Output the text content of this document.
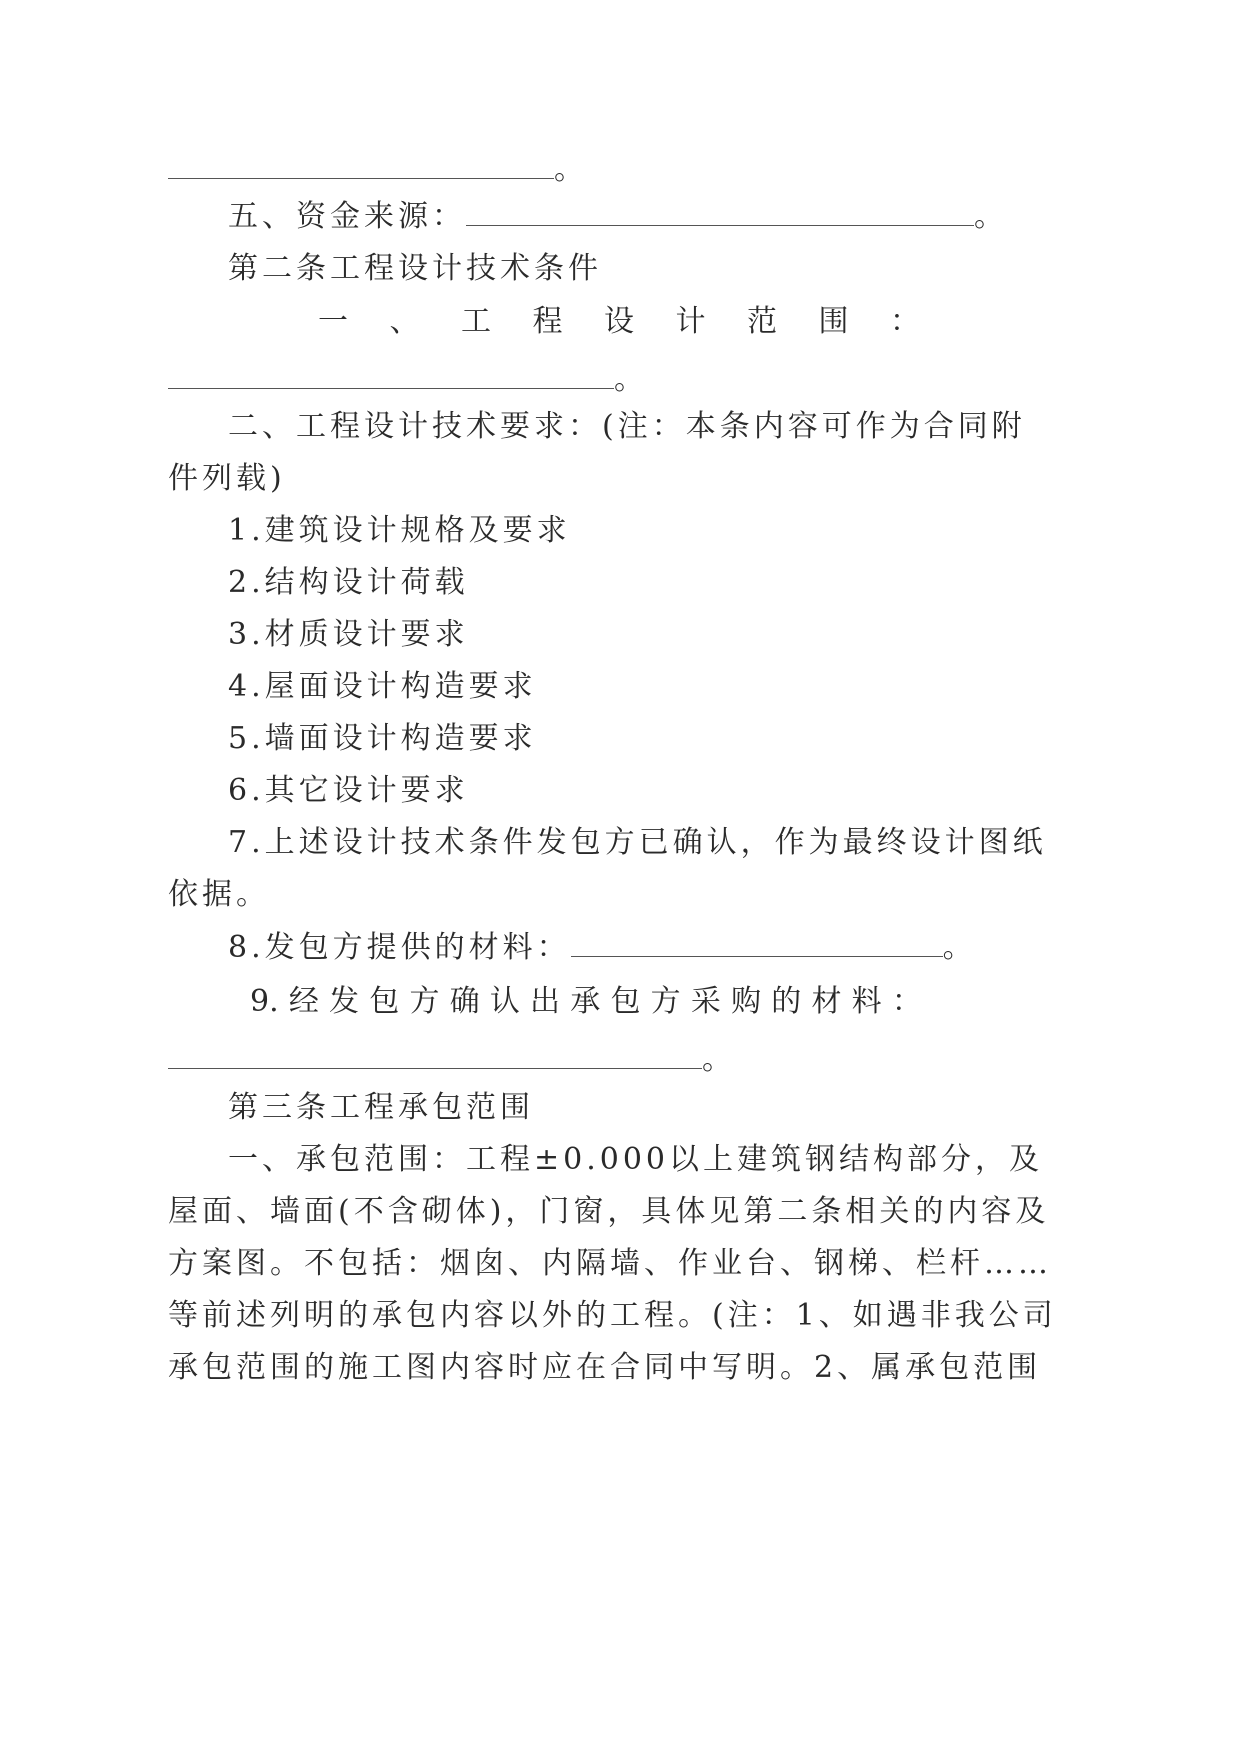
。
五、资金来源：	。
第二条工程设计技术条件
一 、 工 程 设 计 范 围 ：
。
二、工程设计技术要求：(注：本条内容可作为合同附
件列载)
1.建筑设计规格及要求
2.结构设计荷载
3.材质设计要求
4.屋面设计构造要求
5.墙面设计构造要求
6.其它设计要求
7.上述设计技术条件发包方已确认，作为最终设计图纸
依据。
8.发包方提供的材料：	。
9. 经 发 包 方 确 认 出 承 包 方 采 购 的 材 料 ：
。
第三条工程承包范围
一、承包范围：工程±0.000以上建筑钢结构部分，及
屋面、墙面(不含砌体)，门窗，具体见第二条相关的内容及
方案图。不包括：烟囱、内隔墙、作业台、钢梯、栏杆……
等前述列明的承包内容以外的工程。(注：1、如遇非我公司
承包范围的施工图内容时应在合同中写明。2、属承包范围
